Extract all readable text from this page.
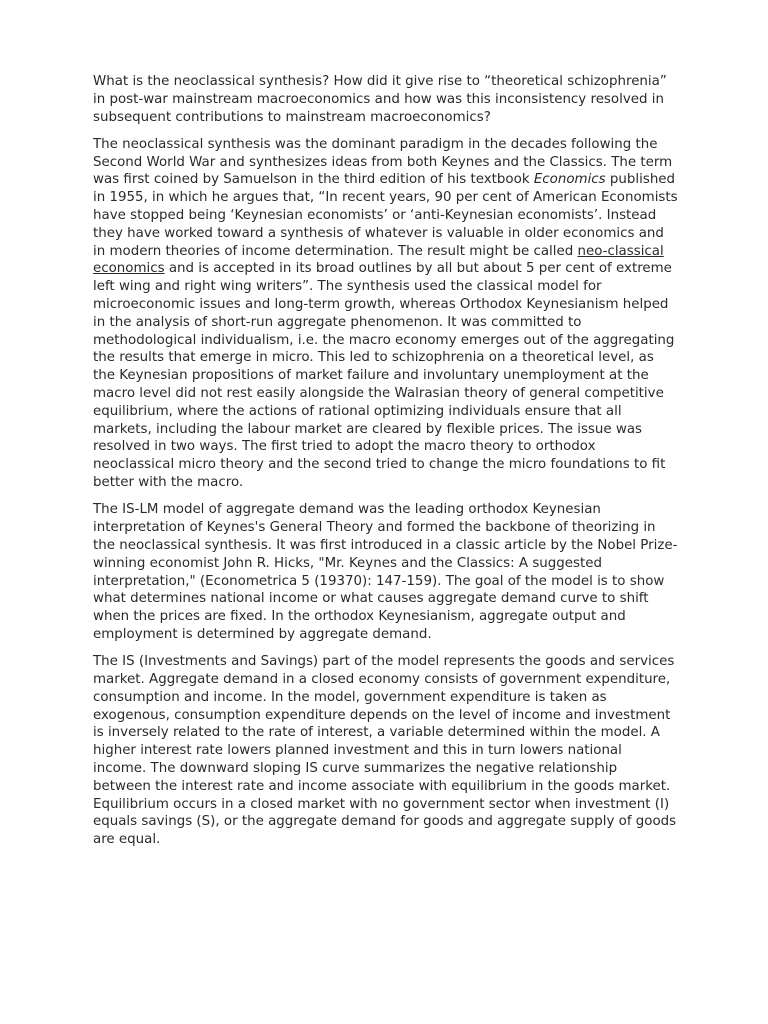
What is the neoclassical synthesis? How did it give rise to “theoretical schizophrenia” in post-war mainstream macroeconomics and how was this inconsistency resolved in subsequent contributions to mainstream macroeconomics?

The neoclassical synthesis was the dominant paradigm in the decades following the Second World War and synthesizes ideas from both Keynes and the Classics. The term was first coined by Samuelson in the third edition of his textbook Economics published in 1955, in which he argues that, “In recent years, 90 per cent of American Economists have stopped being ‘Keynesian economists’ or ‘anti-Keynesian economists’. Instead they have worked toward a synthesis of whatever is valuable in older economics and in modern theories of income determination. The result might be called neo-classical economics and is accepted in its broad outlines by all but about 5 per cent of extreme left wing and right wing writers”. The synthesis used the classical model for microeconomic issues and long-term growth, whereas Orthodox Keynesianism helped in the analysis of short-run aggregate phenomenon. It was committed to methodological individualism, i.e. the macro economy emerges out of the aggregating the results that emerge in micro. This led to schizophrenia on a theoretical level, as the Keynesian propositions of market failure and involuntary unemployment at the macro level did not rest easily alongside the Walrasian theory of general competitive equilibrium, where the actions of rational optimizing individuals ensure that all markets, including the labour market are cleared by flexible prices. The issue was resolved in two ways. The first tried to adopt the macro theory to orthodox neoclassical micro theory and the second tried to change the micro foundations to fit better with the macro.

The IS-LM model of aggregate demand was the leading orthodox Keynesian interpretation of Keynes's General Theory and formed the backbone of theorizing in the neoclassical synthesis. It was first introduced in a classic article by the Nobel Prize-winning economist John R. Hicks, "Mr. Keynes and the Classics: A suggested interpretation," (Econometrica 5 (19370): 147-159). The goal of the model is to show what determines national income or what causes aggregate demand curve to shift when the prices are fixed. In the orthodox Keynesianism, aggregate output and employment is determined by aggregate demand.

The IS (Investments and Savings) part of the model represents the goods and services market. Aggregate demand in a closed economy consists of government expenditure, consumption and income. In the model, government expenditure is taken as exogenous, consumption expenditure depends on the level of income and investment is inversely related to the rate of interest, a variable determined within the model. A higher interest rate lowers planned investment and this in turn lowers national income. The downward sloping IS curve summarizes the negative relationship between the interest rate and income associate with equilibrium in the goods market. Equilibrium occurs in a closed market with no government sector when investment (I) equals savings (S), or the aggregate demand for goods and aggregate supply of goods are equal.
